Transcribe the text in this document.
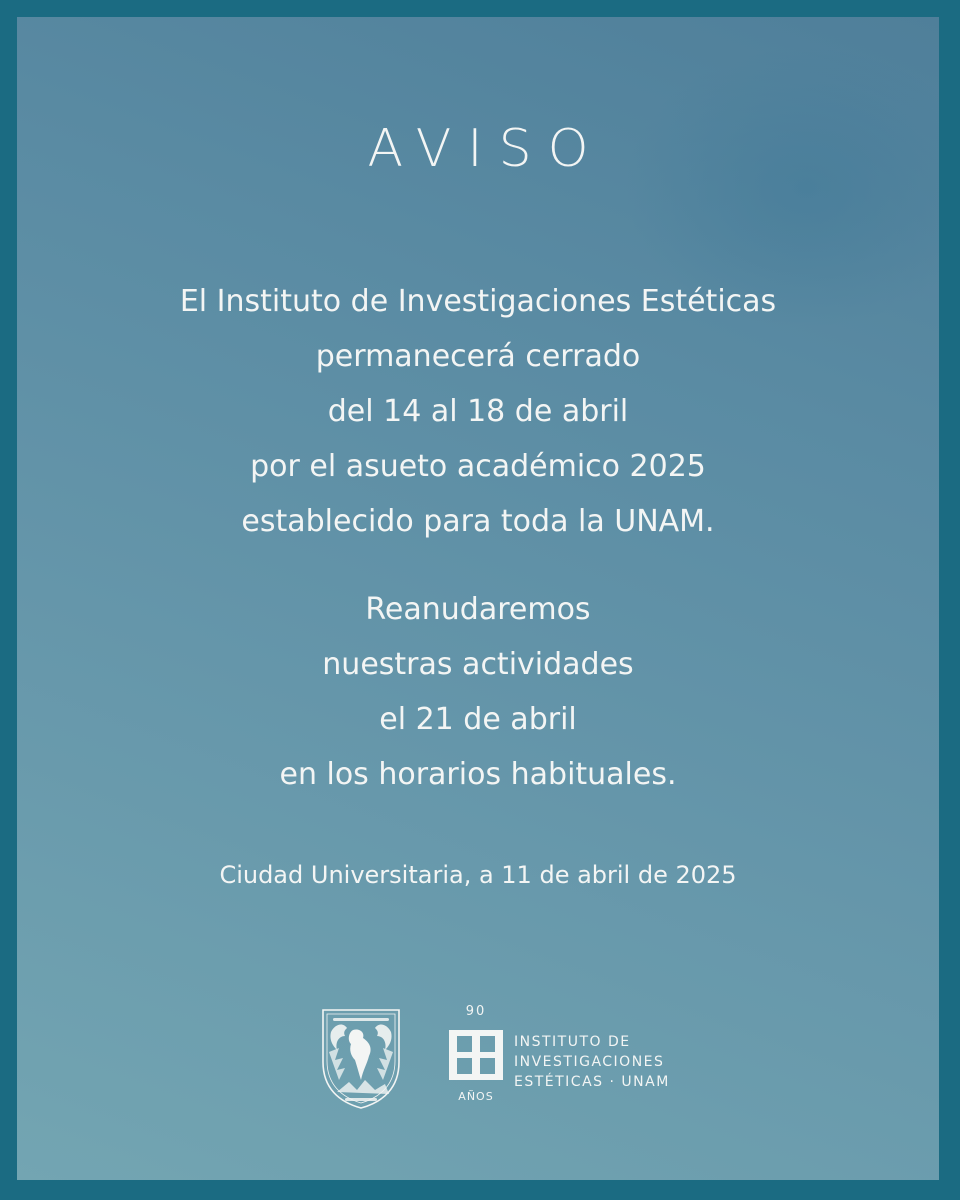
AVISO
El Instituto de Investigaciones Estéticas
permanecerá cerrado
del 14 al 18 de abril
por el asueto académico 2025
establecido para toda la UNAM.
Reanudaremos
nuestras actividades
el 21 de abril
en los horarios habituales.
Ciudad Universitaria, a 11 de abril de 2025
90
AÑOS
INSTITUTO DE
INVESTIGACIONES
ESTÉTICAS · UNAM
